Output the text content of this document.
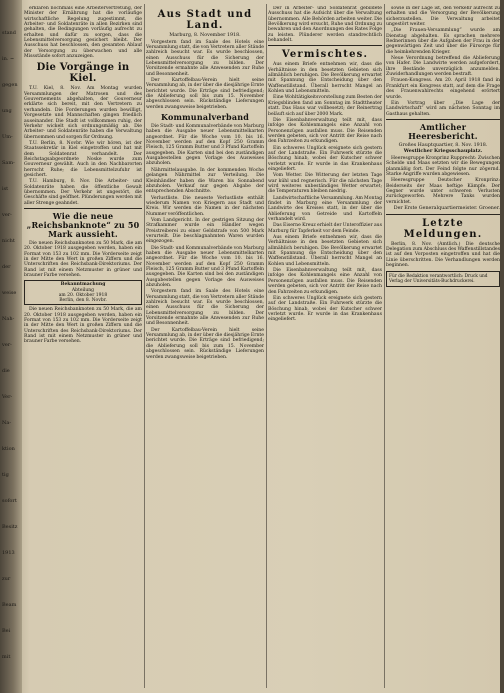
stand
in. ~
gegen
ung
Um-
Sam-
ist
ver-
nicht
der
weise
Nah-
ver-
die
Ver-
Na-
ktion
tig
sofort
Besitz
1913
zur
Beam
Bei
mit

erklären nochmals eine Arbeitervertretung, der Minister der Ernährung hat die vorläufige wirtschaftliche Regelung zugestimmt, die Arbeiter- und Soldatenräte in allen Bezirken sind gehalten, die Bedingungen vorläufig aufrecht zu erhalten und dafür zu sorgen, dass die Lebensmittelversorgung gesichert bleibt. Der Ausschuss hat beschlossen, den gesamten Ablauf der Versorgung zu überwachen und alle Missstände sofort anzuzeigen.

Die Vorgänge in Kiel.

T.U. Kiel, 8. Nov. Am Montag wurden Versammlungen der Matrosen und des Gouvernements abgehalten, der Gouverneur erklärte sich bereit, mit den Vertretern zu verhandeln. Die Forderungen wurden bewilligt, Vorgesetzte und Mannschaften gingen friedlich auseinander. Die Stadt ist vollkommen ruhig, der Verkehr wickelt sich ordnungsmäßig ab. Die Arbeiter- und Soldatenräte haben die Verwaltung übernommen und sorgen für Ordnung.

T.U. Berlin, 8. Novbr. Wie wir hören, ist der Staatssekretär in Kiel eingetroffen und hat mit dem Soldatenrat verhandelt. Der Reichstagsabgeordnete Noske wurde zum Gouverneur gewählt. Auch in den Nachbarorten herrscht Ruhe; die Lebensmittelzufuhr ist gesichert.

T.U. Hamburg, 8. Nov. Die Arbeiter- und Soldatenräte haben die öffentliche Gewalt übernommen. Der Verkehr ist ungestört, die Geschäfte sind geöffnet. Plünderungen werden mit aller Strenge geahndet.

Wie die neue „Reichsbanknote“ zu 50 Mark aussieht.

Die neuen Reichsbanknoten zu 50 Mark, die am 20. Oktober 1918 ausgegeben werden, haben ein Format von 153 zu 102 mm. Die Vorderseite zeigt in der Mitte den Wert in großen Ziffern und die Unterschriften des Reichsbank-Direktoriums. Der Rand ist mit einem Netzmuster in grüner und brauner Farbe versehen.

Bekanntmachung
Abteilung
am 20. Oktober 1918
Berlin, den 8. Novbr.

Die neuen Reichsbanknoten zu 50 Mark, die am 20. Oktober 1918 ausgegeben werden, haben ein Format von 153 zu 102 mm. Die Vorderseite zeigt in der Mitte den Wert in großen Ziffern und die Unterschriften des Reichsbank-Direktoriums. Der Rand ist mit einem Netzmuster in grüner und brauner Farbe versehen.

Aus Stadt und Land.
Marburg, 8. November 1918.

Vorgestern fand im Saale des Hotels eine Versammlung statt, die von Vertretern aller Stände zahlreich besucht war. Es wurde beschlossen, einen Ausschuss für die Sicherung der Lebensmittelversorgung zu bilden. Der Vorsitzende ermahnte alle Anwesenden zur Ruhe und Besonnenheit.

Der Kartoffelbau-Verein hielt seine Versammlung ab, in der über die diesjährige Ernte berichtet wurde. Die Erträge sind befriedigend; die Ablieferung soll bis zum 15. November abgeschlossen sein. Rückständige Lieferungen werden zwangsweise beigetrieben.

Kommunalverband

Die Stadt- und Kommunalverbände von Marburg haben die Ausgabe neuer Lebensmittelkarten angeordnet. Für die Woche vom 10. bis 16. November werden auf den Kopf 250 Gramm Fleisch, 125 Gramm Butter und 3 Pfund Kartoffeln ausgegeben. Die Karten sind bei den zuständigen Ausgabestellen gegen Vorlage des Ausweises abzuholen.

Nährmittelausgabe. In der kommenden Woche gelangen Nährmittel zur Verteilung. Die Kleinhändler haben die Waren bis Sonnabend abzuholen. Verkauf nur gegen Abgabe der entsprechenden Abschnitte.

Verlustliste. Die neueste Verlustliste enthält wiederum Namen von Kriegern aus Stadt und Kreis. Wir werden die Namen in der nächsten Nummer veröffentlichen.

Vom Landgericht. In der gestrigen Sitzung der Strafkammer wurde ein Händler wegen Preistreiberei zu einer Geldstrafe von 500 Mark verurteilt. Die beschlagnahmten Waren wurden eingezogen.

Die Stadt- und Kommunalverbände von Marburg haben die Ausgabe neuer Lebensmittelkarten angeordnet. Für die Woche vom 10. bis 16. November werden auf den Kopf 250 Gramm Fleisch, 125 Gramm Butter und 3 Pfund Kartoffeln ausgegeben. Die Karten sind bei den zuständigen Ausgabestellen gegen Vorlage des Ausweises abzuholen.

Vorgestern fand im Saale des Hotels eine Versammlung statt, die von Vertretern aller Stände zahlreich besucht war. Es wurde beschlossen, einen Ausschuss für die Sicherung der Lebensmittelversorgung zu bilden. Der Vorsitzende ermahnte alle Anwesenden zur Ruhe und Besonnenheit.

Der Kartoffelbau-Verein hielt seine Versammlung ab, in der über die diesjährige Ernte berichtet wurde. Die Erträge sind befriedigend; die Ablieferung soll bis zum 15. November abgeschlossen sein. Rückständige Lieferungen werden zwangsweise beigetrieben.

Der in Arbeiter- und Soldatenrat gebildete Ausschuss hat die Aufsicht über die Verwaltung übernommen. Alle Behörden arbeiten weiter. Die Bevölkerung wird ersucht, Ruhe und Ordnung zu bewahren und den Anordnungen des Rates Folge zu leisten. Plünderer werden standrechtlich behandelt.

Vermischtes.

Aus einem Briefe entnehmen wir, dass die Verhältnisse in den besetzten Gebieten sich allmählich beruhigen. Die Bevölkerung erwartet mit Spannung die Entscheidung über den Waffenstillstand. Überall herrscht Mangel an Kohlen und Lebensmitteln.

Eine Wohltätigkeitsvorstellung zum Besten der Kriegsblinden fand am Sonntag im Stadttheater statt. Das Haus war vollbesetzt; der Reinertrag beläuft sich auf über 2000 Mark.

Die Eisenbahnverwaltung teilt mit, dass infolge des Kohlenmangels eine Anzahl von Personenzügen ausfallen muss. Die Reisenden werden gebeten, sich vor Antritt der Reise nach den Fahrzeiten zu erkundigen.

Ein schweres Unglück ereignete sich gestern auf der Landstraße. Ein Fuhrwerk stürzte die Böschung hinab, wobei der Kutscher schwer verletzt wurde. Er wurde in das Krankenhaus eingeliefert.

Vom Wetter. Die Witterung der letzten Tage war kühl und regnerisch. Für die nächsten Tage wird weiteres unbeständiges Wetter erwartet; die Temperaturen bleiben niedrig.

Landwirtschaftliche Versammlung. Am Montag findet in Marburg eine Versammlung der Landwirte des Kreises statt, in der über die Ablieferung von Getreide und Kartoffeln verhandelt wird.

Das Eiserne Kreuz erhielt der Unteroffizier aus Marburg für Tapferkeit vor dem Feinde.

Aus einem Briefe entnehmen wir, dass die Verhältnisse in den besetzten Gebieten sich allmählich beruhigen. Die Bevölkerung erwartet mit Spannung die Entscheidung über den Waffenstillstand. Überall herrscht Mangel an Kohlen und Lebensmitteln.

Die Eisenbahnverwaltung teilt mit, dass infolge des Kohlenmangels eine Anzahl von Personenzügen ausfallen muss. Die Reisenden werden gebeten, sich vor Antritt der Reise nach den Fahrzeiten zu erkundigen.

Ein schweres Unglück ereignete sich gestern auf der Landstraße. Ein Fuhrwerk stürzte die Böschung hinab, wobei der Kutscher schwer verletzt wurde. Er wurde in das Krankenhaus eingeliefert.

sowie in der Lage ist, den Verkehr aufrecht zu erhalten und die Versorgung der Bevölkerung sicherzustellen. Die Verwaltung arbeitet ungestört weiter.

„Die Frauen-Versammlung“ wurde am Dienstag abgehalten. Es sprachen mehrere Rednerinnen über die Aufgaben der Frau in der gegenwärtigen Zeit und über die Fürsorge für die heimkehrenden Krieger.

Neue Verordnung betreffend die Ablieferung von Hafer. Die Landwirte werden aufgefordert, ihre Bestände unverzüglich anzumelden. Zuwiderhandlungen werden bestraft.

Frauen-Kongress. Am 20. April 1918 fand in Frankfurt ein Kongress statt, auf dem die Frage des Frauenwahlrechts eingehend erörtert wurde.

Ein Vortrag über „Die Lage der Landwirtschaft“ wird am nächsten Sonntag im Gasthaus gehalten.

Amtlicher Heeresbericht.
Großes Hauptquartier, 8. Nov. 1918.
Westlicher Kriegsschauplatz.

Heeresgruppe Kronprinz Rupprecht: Zwischen Schelde und Maas setzten wir die Bewegungen planmäßig fort. Der Feind folgte nur zögernd. Starke Angriffe wurden abgewiesen.

Heeresgruppe Deutscher Kronprinz: Beiderseits der Maas heftige Kämpfe. Der Gegner wurde unter schweren Verlusten zurückgeworfen. Mehrere Tanks wurden vernichtet.

Der Erste Generalquartiermeister. Groener.
Letzte Meldungen.

Berlin, 8. Nov. (Amtlich.) Die deutsche Delegation zum Abschluss des Waffenstillstandes ist auf den Vorposten eingetroffen und hat die Linie überschritten. Die Verhandlungen werden beginnen.

Für die Redaktion verantwortlich: Druck und Verlag der Universitäts-Buchdruckerei.
